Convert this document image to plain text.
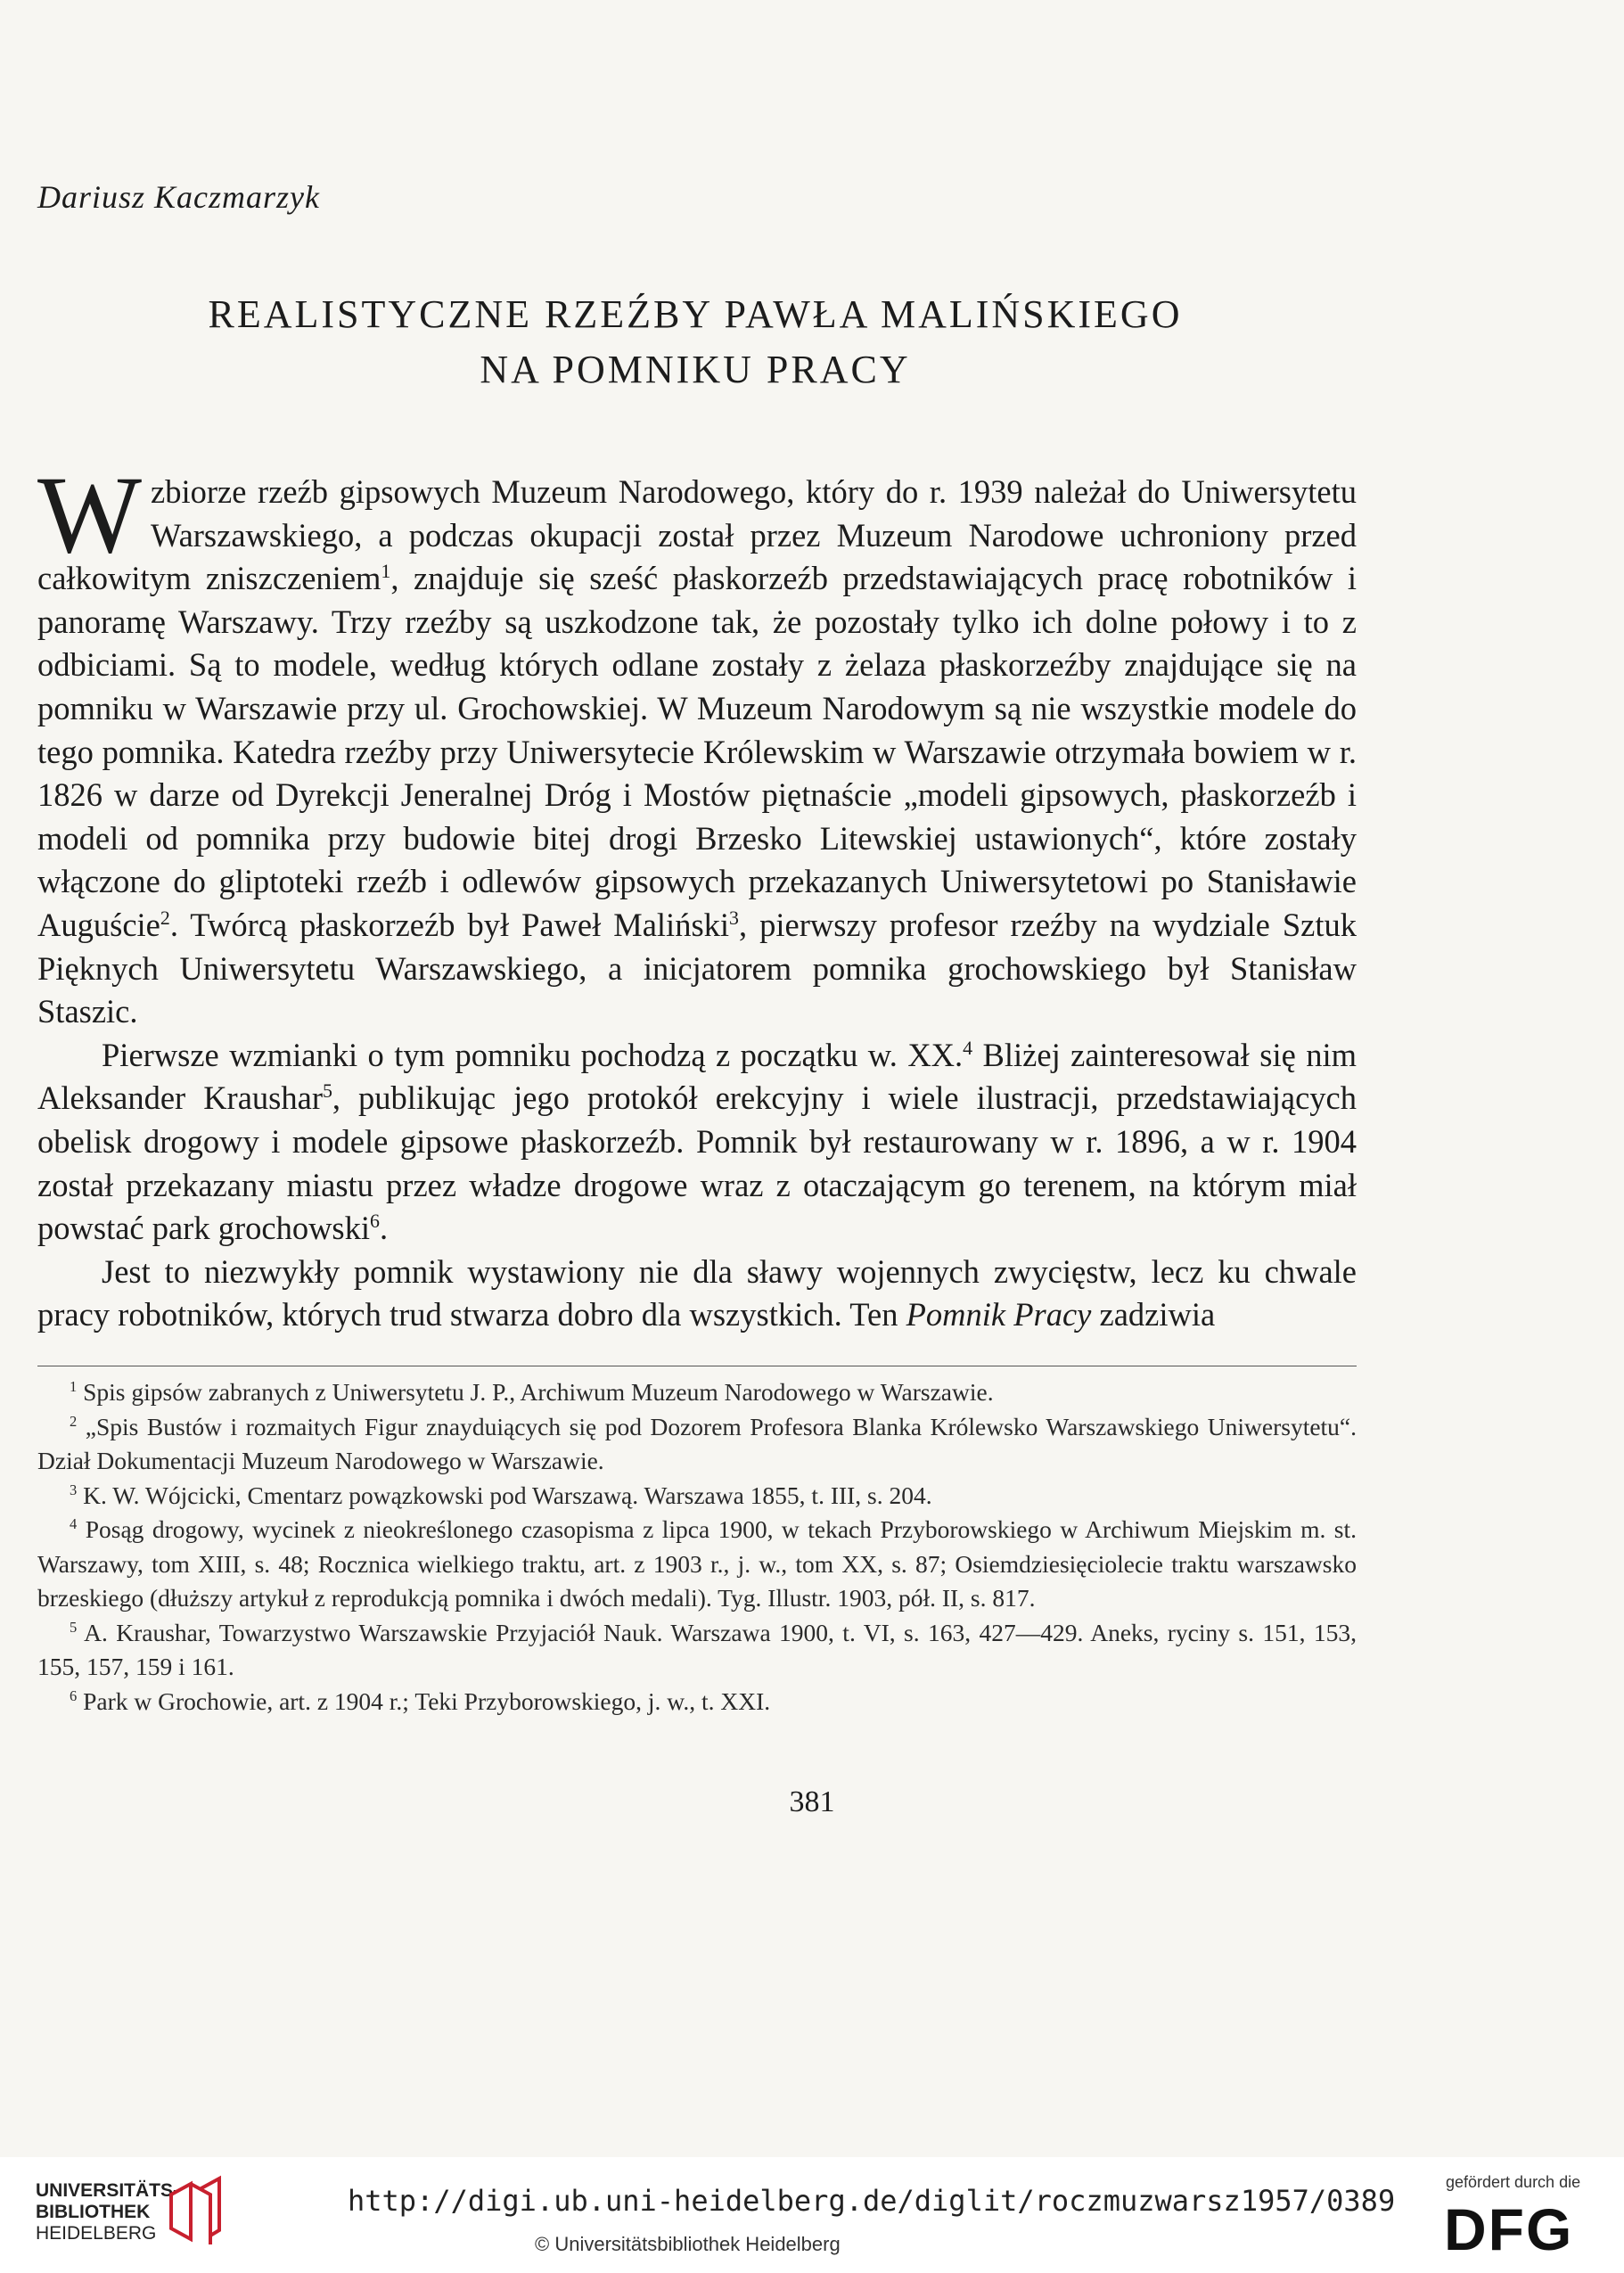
Dariusz Kaczmarzyk
REALISTYCZNE RZEŹBY PAWŁA MALIŃSKIEGO
NA POMNIKU PRACY

Wzbiorze rzeźb gipsowych Muzeum Narodowego, który do r. 1939 należał do Uniwersytetu Warszawskiego, a podczas okupacji został przez Muzeum Narodowe uchroniony przed całkowitym zniszczeniem$^1$, znajduje się sześć płaskorzeźb przedstawiających pracę robotników i panoramę Warszawy. Trzy rzeźby są uszkodzone tak, że pozostały tylko ich dolne połowy i to z odbiciami. Są to modele, według których odlane zostały z żelaza płaskorzeźby znajdujące się na pomniku w Warszawie przy ul. Grochowskiej. W Muzeum Narodowym są nie wszystkie modele do tego pomnika. Katedra rzeźby przy Uniwersytecie Królewskim w Warszawie otrzymała bowiem w r. 1826 w darze od Dyrekcji Jeneralnej Dróg i Mostów piętnaście „modeli gipsowych, płaskorzeźb i modeli od pomnika przy budowie bitej drogi Brzesko Litewskiej ustawionych“, które zostały włączone do gliptoteki rzeźb i odlewów gipsowych przekazanych Uniwersytetowi po Stanisławie Auguście$^2$. Twórcą płaskorzeźb był Paweł Maliński$^3$, pierwszy profesor rzeźby na wydziale Sztuk Pięknych Uniwersytetu Warszawskiego, a inicjatorem pomnika grochowskiego był Stanisław Staszic.

Pierwsze wzmianki o tym pomniku pochodzą z początku w. XX.$^4$ Bliżej zainteresował się nim Aleksander Kraushar$^5$, publikując jego protokół erekcyjny i wiele ilustracji, przedstawiających obelisk drogowy i modele gipsowe płaskorzeźb. Pomnik był restaurowany w r. 1896, a w r. 1904 został przekazany miastu przez władze drogowe wraz z otaczającym go terenem, na którym miał powstać park grochowski$^6$.

Jest to niezwykły pomnik wystawiony nie dla sławy wojennych zwycięstw, lecz ku chwale pracy robotników, których trud stwarza dobro dla wszystkich. Ten Pomnik Pracy zadziwia

$^1$ Spis gipsów zabranych z Uniwersytetu J. P., Archiwum Muzeum Narodowego w Warszawie.

$^2$ „Spis Bustów i rozmaitych Figur znayduiących się pod Dozorem Profesora Blanka Królewsko Warszawskiego Uniwersytetu“. Dział Dokumentacji Muzeum Narodowego w Warszawie.

$^3$ K. W. Wójcicki, Cmentarz powązkowski pod Warszawą. Warszawa 1855, t. III, s. 204.

$^4$ Posąg drogowy, wycinek z nieokreślonego czasopisma z lipca 1900, w tekach Przyborowskiego w Archiwum Miejskim m. st. Warszawy, tom XIII, s. 48; Rocznica wielkiego traktu, art. z 1903 r., j. w., tom XX, s. 87; Osiemdziesięciolecie traktu warszawsko brzeskiego (dłuższy artykuł z reprodukcją pomnika i dwóch medali). Tyg. Illustr. 1903, pół. II, s. 817.

$^5$ A. Kraushar, Towarzystwo Warszawskie Przyjaciół Nauk. Warszawa 1900, t. VI, s. 163, 427—429. Aneks, ryciny s. 151, 153, 155, 157, 159 i 161.

$^6$ Park w Grochowie, art. z 1904 r.; Teki Przyborowskiego, j. w., t. XXI.

381
UNIVERSITÄTS-
BIBLIOTHEK
HEIDELBERG
http://digi.ub.uni-heidelberg.de/diglit/roczmuzwarsz1957/0389
© Universitätsbibliothek Heidelberg
gefördert durch die
DFG
